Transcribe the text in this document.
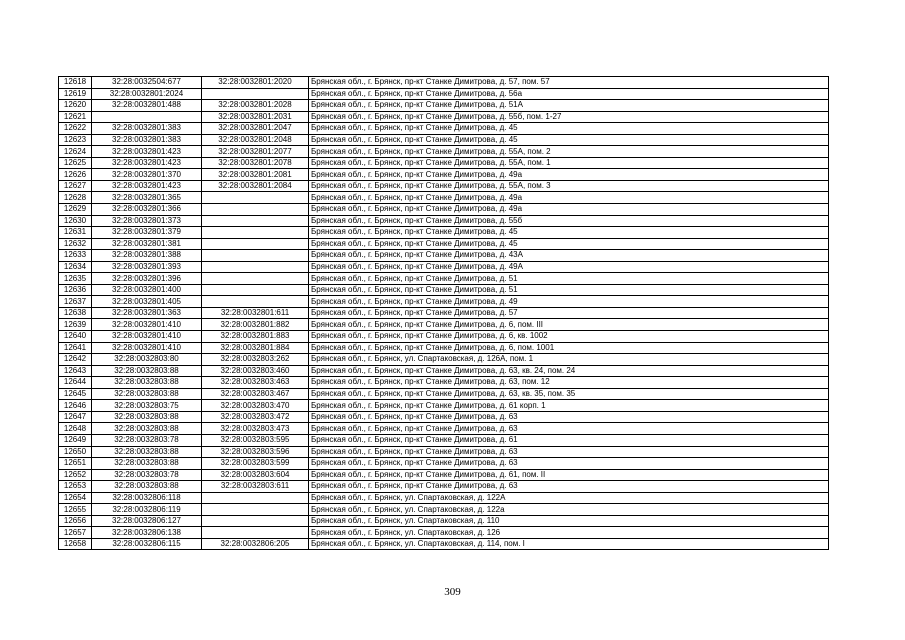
12618	32:28:0032504:677	32:28:0032801:2020	Брянская обл., г. Брянск, пр-кт Станке Димитрова, д. 57, пом. 57
12619	32:28:0032801:2024		Брянская обл., г. Брянск, пр-кт Станке Димитрова, д. 56а
12620	32:28:0032801:488	32:28:0032801:2028	Брянская обл., г. Брянск, пр-кт Станке Димитрова, д. 51А
12621		32:28:0032801:2031	Брянская обл., г. Брянск, пр-кт Станке Димитрова, д. 55б, пом. 1-27
12622	32:28:0032801:383	32:28:0032801:2047	Брянская обл., г. Брянск, пр-кт Станке Димитрова, д. 45
12623	32:28:0032801:383	32:28:0032801:2048	Брянская обл., г. Брянск, пр-кт Станке Димитрова, д. 45
12624	32:28:0032801:423	32:28:0032801:2077	Брянская обл., г. Брянск, пр-кт Станке Димитрова, д. 55А, пом. 2
12625	32:28:0032801:423	32:28:0032801:2078	Брянская обл., г. Брянск, пр-кт Станке Димитрова, д. 55А, пом. 1
12626	32:28:0032801:370	32:28:0032801:2081	Брянская обл., г. Брянск, пр-кт Станке Димитрова, д. 49а
12627	32:28:0032801:423	32:28:0032801:2084	Брянская обл., г. Брянск, пр-кт Станке Димитрова, д. 55А, пом. 3
12628	32:28:0032801:365		Брянская обл., г. Брянск, пр-кт Станке Димитрова, д. 49а
12629	32:28:0032801:366		Брянская обл., г. Брянск, пр-кт Станке Димитрова, д. 49а
12630	32:28:0032801:373		Брянская обл., г. Брянск, пр-кт Станке Димитрова, д. 55б
12631	32:28:0032801:379		Брянская обл., г. Брянск, пр-кт Станке Димитрова, д. 45
12632	32:28:0032801:381		Брянская обл., г. Брянск, пр-кт Станке Димитрова, д. 45
12633	32:28:0032801:388		Брянская обл., г. Брянск, пр-кт Станке Димитрова, д. 43А
12634	32:28:0032801:393		Брянская обл., г. Брянск, пр-кт Станке Димитрова, д. 49А
12635	32:28:0032801:396		Брянская обл., г. Брянск, пр-кт Станке Димитрова, д. 51
12636	32:28:0032801:400		Брянская обл., г. Брянск, пр-кт Станке Димитрова, д. 51
12637	32:28:0032801:405		Брянская обл., г. Брянск, пр-кт Станке Димитрова, д. 49
12638	32:28:0032801:363	32:28:0032801:611	Брянская обл., г. Брянск, пр-кт Станке Димитрова, д. 57
12639	32:28:0032801:410	32:28:0032801:882	Брянская обл., г. Брянск, пр-кт Станке Димитрова, д. 6, пом. III
12640	32:28:0032801:410	32:28:0032801:883	Брянская обл., г. Брянск, пр-кт Станке Димитрова, д. 6, кв. 1002
12641	32:28:0032801:410	32:28:0032801:884	Брянская обл., г. Брянск, пр-кт Станке Димитрова, д. 6, пом. 1001
12642	32:28:0032803:80	32:28:0032803:262	Брянская обл., г. Брянск, ул. Спартаковская, д. 126А, пом. 1
12643	32:28:0032803:88	32:28:0032803:460	Брянская обл., г. Брянск, пр-кт Станке Димитрова, д. 63, кв. 24, пом. 24
12644	32:28:0032803:88	32:28:0032803:463	Брянская обл., г. Брянск, пр-кт Станке Димитрова, д. 63, пом. 12
12645	32:28:0032803:88	32:28:0032803:467	Брянская обл., г. Брянск, пр-кт Станке Димитрова, д. 63, кв. 35, пом. 35
12646	32:28:0032803:75	32:28:0032803:470	Брянская обл., г. Брянск, пр-кт Станке Димитрова, д. 61 корп. 1
12647	32:28:0032803:88	32:28:0032803:472	Брянская обл., г. Брянск, пр-кт Станке Димитрова, д. 63
12648	32:28:0032803:88	32:28:0032803:473	Брянская обл., г. Брянск, пр-кт Станке Димитрова, д. 63
12649	32:28:0032803:78	32:28:0032803:595	Брянская обл., г. Брянск, пр-кт Станке Димитрова, д. 61
12650	32:28:0032803:88	32:28:0032803:596	Брянская обл., г. Брянск, пр-кт Станке Димитрова, д. 63
12651	32:28:0032803:88	32:28:0032803:599	Брянская обл., г. Брянск, пр-кт Станке Димитрова, д. 63
12652	32:28:0032803:78	32:28:0032803:604	Брянская обл., г. Брянск, пр-кт Станке Димитрова, д. 61, пом. II
12653	32:28:0032803:88	32:28:0032803:611	Брянская обл., г. Брянск, пр-кт Станке Димитрова, д. 63
12654	32:28:0032806:118		Брянская обл., г. Брянск, ул. Спартаковская, д. 122А
12655	32:28:0032806:119		Брянская обл., г. Брянск, ул. Спартаковская, д. 122а
12656	32:28:0032806:127		Брянская обл., г. Брянск, ул. Спартаковская, д. 110
12657	32:28:0032806:138		Брянская обл., г. Брянск, ул. Спартаковская, д. 126
12658	32:28:0032806:115	32:28:0032806:205	Брянская обл., г. Брянск, ул. Спартаковская, д. 114, пом. I
309
